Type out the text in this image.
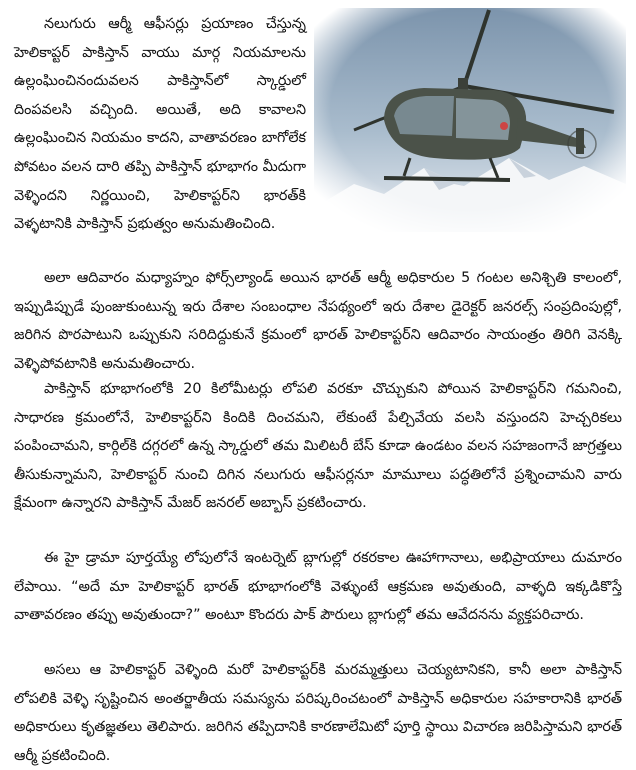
నలుగురు ఆర్మీ ఆఫీసర్లు ప్రయాణం చేస్తున్న హెలికాప్టర్ పాకిస్తాన్ వాయు మార్గ నియమాలను ఉల్లంఘించినందువలన పాకిస్తాన్‌లో స్కార్డులో దింపవలసి వచ్చింది. అయితే, అది కావాలని ఉల్లంఘించిన నియమం కాదని, వాతావరణం బాగోలేక పోవటం వలన దారి తప్పి పాకిస్తాన్ భూభాగం మీదుగా వెళ్ళిందని నిర్ణయించి, హెలికాప్టర్‌ని భారత్‌కి వెళ్ళటానికి పాకిస్తాన్ ప్రభుత్వం అనుమతించింది.

అలా ఆదివారం మధ్యాహ్నం ఫోర్స్‌ల్యాండ్ అయిన భారత్ ఆర్మీ అధికారుల 5 గంటల అనిశ్చితి కాలంలో, ఇప్పుడిప్పుడే పుంజుకుంటున్న ఇరు దేశాల సంబంధాల నేపథ్యంలో ఇరు దేశాల డైరెక్టర్ జనరల్స్ సంప్రదింపుల్లో, జరిగిన పొరపాటుని ఒప్పుకుని సరిదిద్దుకునే క్రమంలో భారత్ హెలికాప్టర్‌ని ఆదివారం సాయంత్రం తిరిగి వెనక్కి వెళ్ళిపోవటానికి అనుమతించారు.

పాకిస్తాన్ భూభాగంలోకి 20 కిలోమీటర్లు లోపలి వరకూ చొచ్చుకుని పోయిన హెలికాప్టర్‌ని గమనించి, సాధారణ క్రమంలోనే, హెలికాప్టర్‌ని కిందికి దించమని, లేకుంటే పేల్చివేయ వలసి వస్తుందని హెచ్చరికలు పంపించామని, కార్గిల్‌కి దగ్గరలో ఉన్న స్కార్డులో తమ మిలిటరీ బేస్ కూడా ఉండటం వలన సహజంగానే జాగ్రత్తలు తీసుకున్నామని, హెలికాప్టర్ నుంచి దిగిన నలుగురు ఆఫీసర్లనూ మామూలు పద్ధతిలోనే ప్రశ్నించామని వారు క్షేమంగా ఉన్నారని పాకిస్తాన్ మేజర్ జనరల్ అబ్బాస్ ప్రకటించారు.

ఈ హై డ్రామా పూర్తయ్యే లోపులోనే ఇంటర్నెట్ బ్లాగుల్లో రకరకాల ఊహాగానాలు, అభిప్రాయాలు దుమారం లేపాయి. “అదే మా హెలికాప్టర్ భారత్ భూభాగంలోకి వెళ్ళుంటే ఆక్రమణ అవుతుంది, వాళ్ళది ఇక్కడికొస్తే వాతావరణం తప్పు అవుతుందా?” అంటూ కొందరు పాక్ పౌరులు బ్లాగుల్లో తమ ఆవేదనను వ్యక్తపరిచారు.

అసలు ఆ హెలికాప్టర్ వెళ్ళింది మరో హెలికాప్టర్‌కి మరమ్మత్తులు చెయ్యటానికని, కానీ అలా పాకిస్తాన్ లోపలికి వెళ్ళి సృష్టించిన అంతర్జాతీయ సమస్యను పరిష్కరించటంలో పాకిస్తాన్ అధికారుల సహకారానికి భారత్ అధికారులు కృతజ్ఞతలు తెలిపారు. జరిగిన తప్పిదానికి కారణాలేమిటో పూర్తి స్థాయి విచారణ జరిపిస్తామని భారత్ ఆర్మీ ప్రకటించింది.
